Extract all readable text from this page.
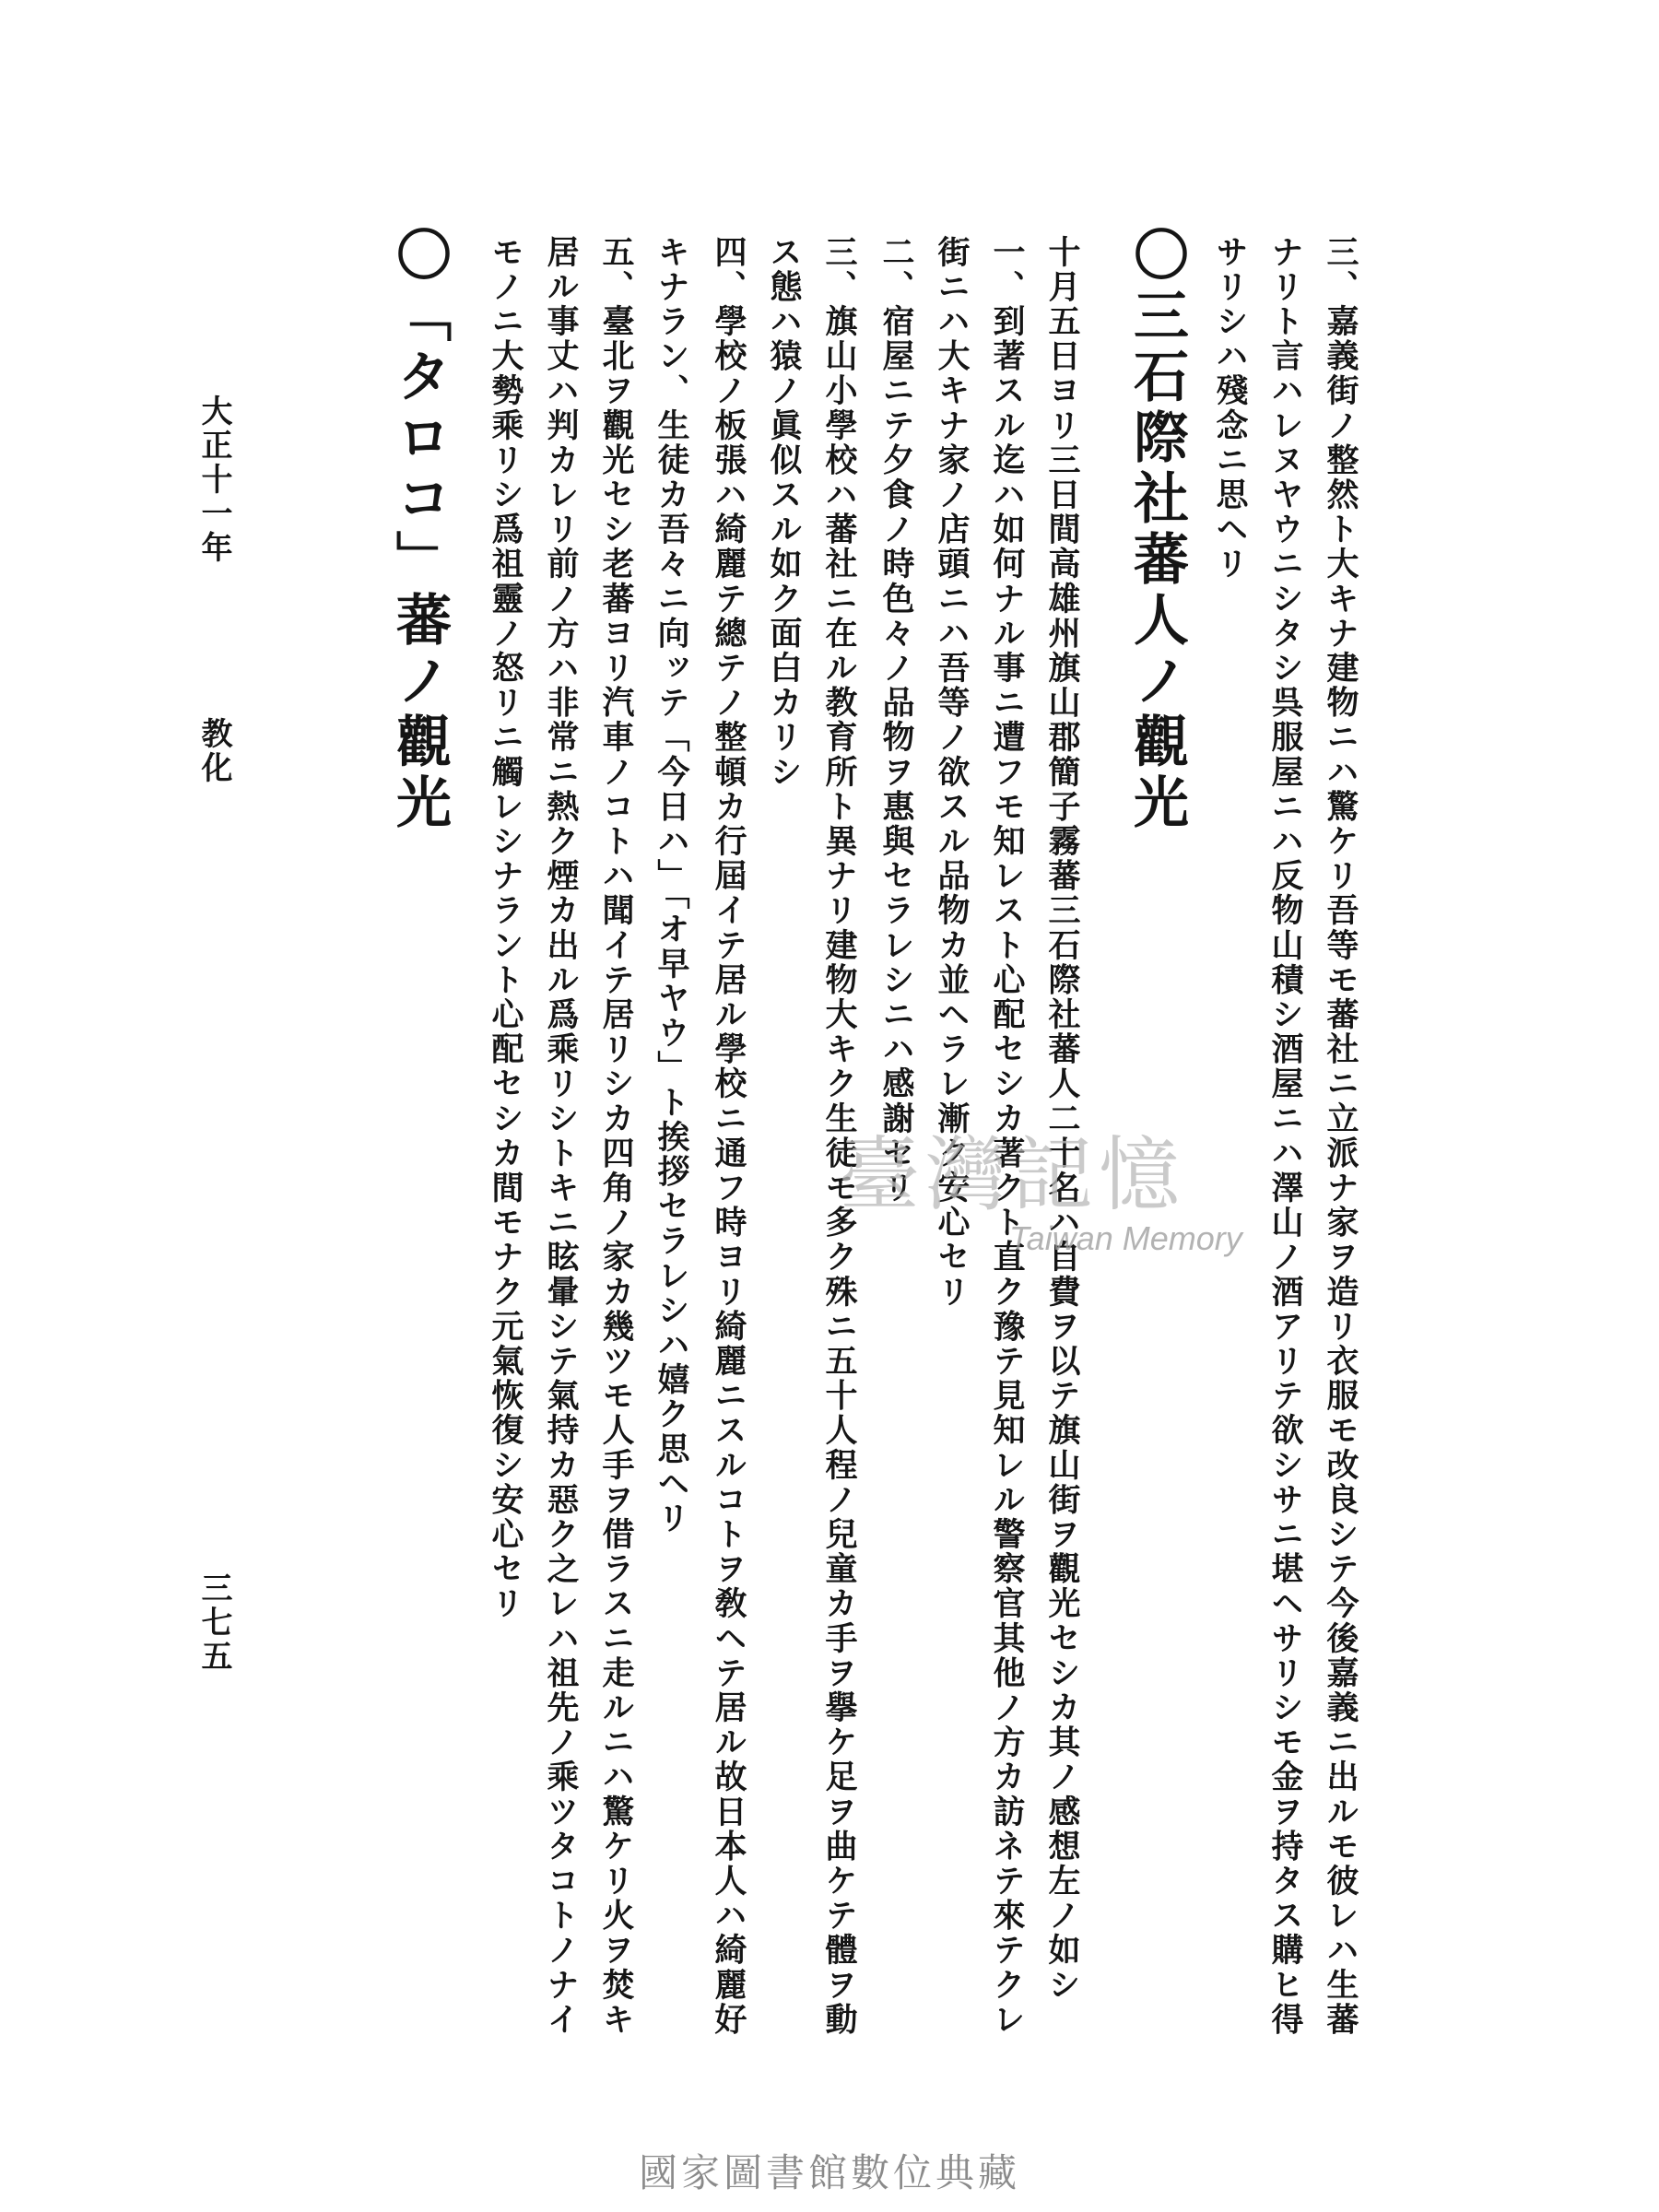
三、嘉義街ノ整然ト大キナ建物ニハ驚ケリ吾等モ蕃社ニ立派ナ家ヲ造リ衣服モ改良シテ今後嘉義ニ出ルモ彼レハ生蕃
ナリト言ハレヌヤウニシタシ呉服屋ニハ反物山積シ酒屋ニハ澤山ノ酒アリテ欲シサニ堪ヘサリシモ金ヲ持タス購ヒ得
サリシハ殘念ニ思ヘリ
〇三石際社蕃人ノ觀光
十月五日ヨリ三日間高雄州旗山郡簡子霧蕃三石際社蕃人二十名ハ自費ヲ以テ旗山街ヲ觀光セシカ其ノ感想左ノ如シ
一、到著スル迄ハ如何ナル事ニ遭フモ知レスト心配セシカ著クト直ク豫テ見知レル警察官其他ノ方カ訪ネテ來テクレ
街ニハ大キナ家ノ店頭ニハ吾等ノ欲スル品物カ並ヘラレ漸ク安心セリ
二、宿屋ニテ夕食ノ時色々ノ品物ヲ惠與セラレシニハ感謝セリ
三、旗山小學校ハ蕃社ニ在ル教育所ト異ナリ建物大キク生徒モ多ク殊ニ五十人程ノ兒童カ手ヲ擧ケ足ヲ曲ケテ體ヲ動
ス態ハ猿ノ眞似スル如ク面白カリシ
四、學校ノ板張ハ綺麗テ總テノ整頓カ行屆イテ居ル學校ニ通フ時ヨリ綺麗ニスルコトヲ敎ヘテ居ル故日本人ハ綺麗好
キナラン、生徒カ吾々ニ向ッテ「今日ハ」「オ早ヤウ」ト挨拶セラレシハ嬉ク思ヘリ
五、臺北ヲ觀光セシ老蕃ヨリ汽車ノコトハ聞イテ居リシカ四角ノ家カ幾ツモ人手ヲ借ラスニ走ルニハ驚ケリ火ヲ焚キ
居ル事丈ハ判カレリ前ノ方ハ非常ニ熱ク煙カ出ル爲乘リシトキニ眩暈シテ氣持カ惡ク之レハ祖先ノ乘ツタコトノナイ
モノニ大勢乘リシ爲祖靈ノ怒リニ觸レシナラント心配セシカ間モナク元氣恢復シ安心セリ
〇「タロコ」蕃ノ觀光
大正十一年教化
三七五
臺灣記憶
Taiwan Memory
國家圖書館數位典藏
